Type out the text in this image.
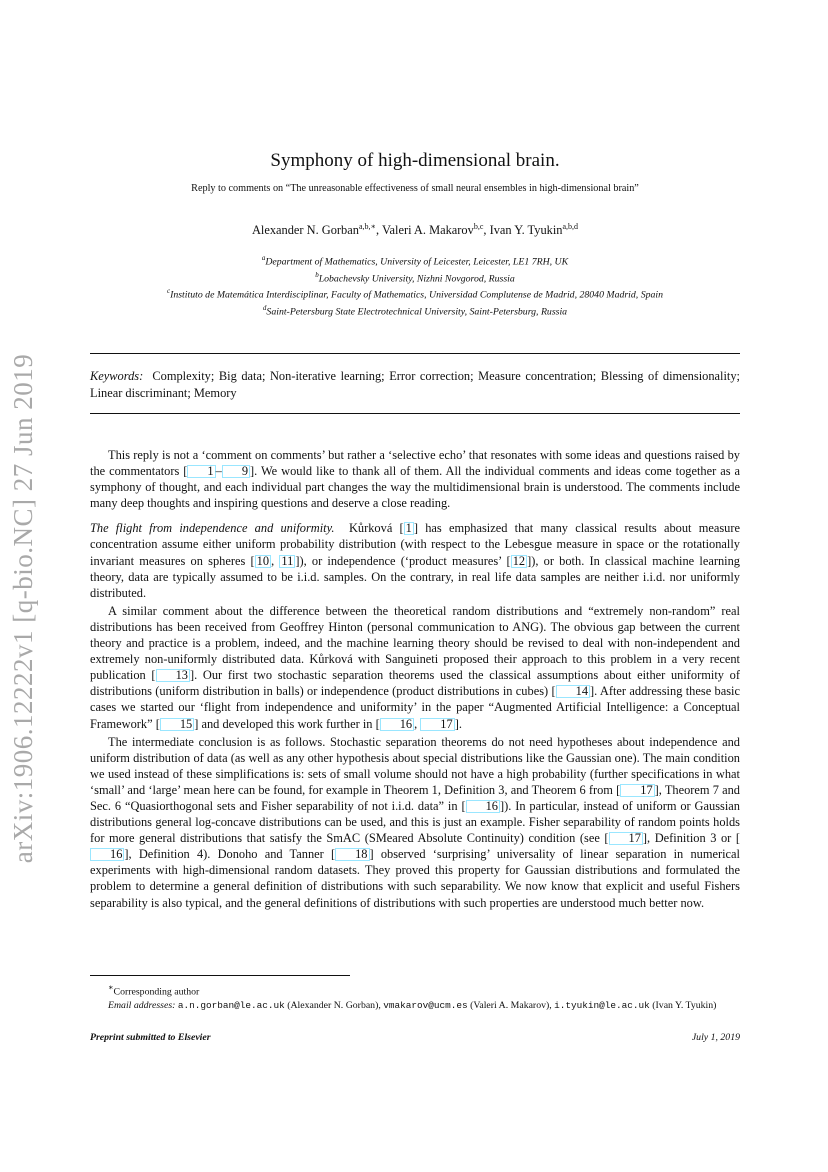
arXiv:1906.12222v1 [q-bio.NC] 27 Jun 2019
Symphony of high-dimensional brain.
Reply to comments on “The unreasonable effectiveness of small neural ensembles in high-dimensional brain”
Alexander N. Gorban$^{a,b,∗}$, Valeri A. Makarov$^{b,c}$, Ivan Y. Tyukin$^{a,b,d}$
$^a$Department of Mathematics, University of Leicester, Leicester, LE1 7RH, UK
$^b$Lobachevsky University, Nizhni Novgorod, Russia
$^c$Instituto de Matemática Interdisciplinar, Faculty of Mathematics, Universidad Complutense de Madrid, 28040 Madrid, Spain
$^d$Saint-Petersburg State Electrotechnical University, Saint-Petersburg, Russia
Keywords: Complexity; Big data; Non-iterative learning; Error correction; Measure concentration; Blessing of dimensionality; Linear discriminant; Memory

This reply is not a ‘comment on comments’ but rather a ‘selective echo’ that resonates with some ideas and questions raised by the commentators [ 1 – 9 ]. We would like to thank all of them. All the individual comments and ideas come together as a symphony of thought, and each individual part changes the way the multidimensional brain is understood. The comments include many deep thoughts and inspiring questions and deserve a close reading.

The flight from independence and uniformity. Kůrková [ 1 ] has emphasized that many classical results about measure concentration assume either uniform probability distribution (with respect to the Lebesgue measure in space or the rotationally invariant measures on spheres [ 10 , 11 ]), or independence (‘product measures’ [ 12 ]), or both. In classical machine learning theory, data are typically assumed to be i.i.d. samples. On the contrary, in real life data samples are neither i.i.d. nor uniformly distributed.

A similar comment about the difference between the theoretical random distributions and “extremely non-random” real distributions has been received from Geoffrey Hinton (personal communication to ANG). The obvious gap between the current theory and practice is a problem, indeed, and the machine learning theory should be revised to deal with non-independent and extremely non-uniformly distributed data. Kůrková with Sanguineti proposed their approach to this problem in a very recent publication [ 13 ]. Our first two stochastic separation theorems used the classical assumptions about either uniformity of distributions (uniform distribution in balls) or independence (product distributions in cubes) [ 14 ]. After addressing these basic cases we started our ‘flight from independence and uniformity’ in the paper “Augmented Artificial Intelligence: a Conceptual Framework” [ 15 ] and developed this work further in [ 16 , 17 ].

The intermediate conclusion is as follows. Stochastic separation theorems do not need hypotheses about independence and uniform distribution of data (as well as any other hypothesis about special distributions like the Gaussian one). The main condition we used instead of these simplifications is: sets of small volume should not have a high probability (further specifications in what ‘small’ and ‘large’ mean here can be found, for example in Theorem 1, Definition 3, and Theorem 6 from [ 17 ], Theorem 7 and Sec. 6 “Quasiorthogonal sets and Fisher separability of not i.i.d. data” in [ 16 ]). In particular, instead of uniform or Gaussian distributions general log-concave distributions can be used, and this is just an example. Fisher separability of random points holds for more general distributions that satisfy the SmAC (SMeared Absolute Continuity) condition (see [ 17 ], Definition 3 or [16 ], Definition 4). Donoho and Tanner [ 18 ] observed ‘surprising’ universality of linear separation in numerical experiments with high-dimensional random datasets. They proved this property for Gaussian distributions and formulated the problem to determine a general definition of distributions with such separability. We now know that explicit and useful Fishers separability is also typical, and the general definitions of distributions with such properties are understood much better now.

∗Corresponding author
Email addresses: a.n.gorban@le.ac.uk (Alexander N. Gorban), vmakarov@ucm.es (Valeri A. Makarov), i.tyukin@le.ac.uk (Ivan Y. Tyukin)
Preprint submitted to Elsevier	July 1, 2019
